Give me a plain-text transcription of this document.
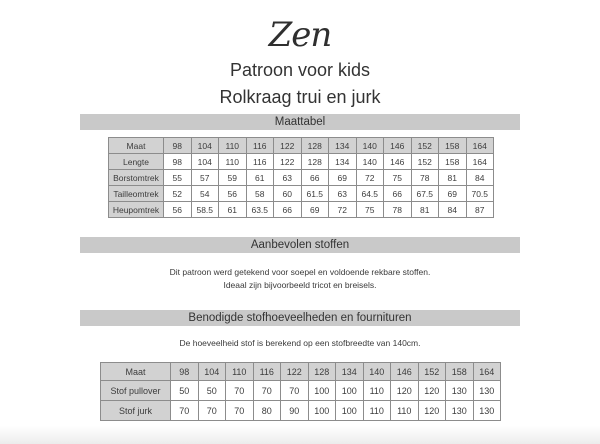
Zen
Patroon voor kids
Rolkraag trui en jurk
Maattabel
Maat	98	104	110	116	122	128	134	140	146	152	158	164
Lengte	98	104	110	116	122	128	134	140	146	152	158	164
Borstomtrek	55	57	59	61	63	66	69	72	75	78	81	84
Tailleomtrek	52	54	56	58	60	61.5	63	64.5	66	67.5	69	70.5
Heupomtrek	56	58.5	61	63.5	66	69	72	75	78	81	84	87
Aanbevolen stoffen
Dit patroon werd getekend voor soepel en voldoende rekbare stoffen.
Ideaal zijn bijvoorbeeld tricot en breisels.
Benodigde stofhoeveelheden en fournituren
De hoeveelheid stof is berekend op een stofbreedte van 140cm.
Maat	98	104	110	116	122	128	134	140	146	152	158	164
Stof pullover	50	50	70	70	70	100	100	110	120	120	130	130
Stof jurk	70	70	70	80	90	100	100	110	110	120	130	130
